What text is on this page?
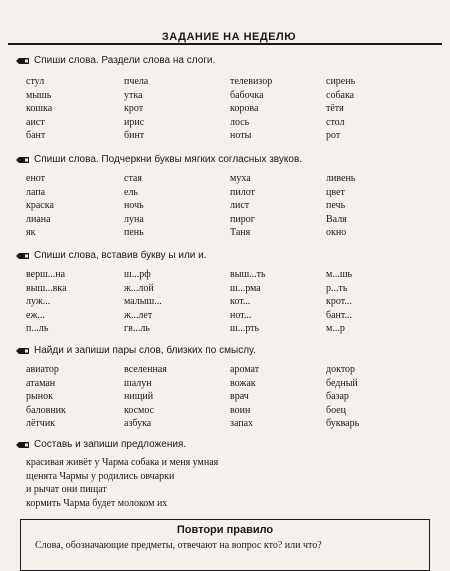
ЗАДАНИЕ НА НЕДЕЛЮ
Спиши слова. Раздели слова на слоги.
стул	пчела	телевизор	сирень
мышь	утка	бабочка	собака
кошка	крот	корова	тётя
аист	ирис	лось	стол
бант	бинт	ноты	рот
Спиши слова. Подчеркни буквы мягких согласных звуков.
енот	стая	муха	ливень
лапа	ель	пилот	цвет
краска	ночь	лист	печь
лиана	луна	пирог	Валя
як	пень	Таня	окно
Спиши слова, вставив букву ы или и.
верш...на	ш...рф	выш...ть	м...шь
выш...вка	ж...лой	ш...рма	р...ть
луж...	малыш...	кот...	крот...
еж...	ж...лет	нот...	бант...
п...ль	гв...ль	ш...рть	м...р
Найди и запиши пары слов, близких по смыслу.
авиатор	вселенная	аромат	доктор
атаман	шалун	вожак	бедный
рынок	нищий	врач	базар
баловник	космос	воин	боец
лётчик	азбука	запах	букварь
Составь и запиши предложения.
красивая живёт у Чарма собака и меня умная
щенята Чармы у родились овчарки
и рычат они пищат
кормить Чарма будет молоком их
Повтори правило
Слова, обозначающие предметы, отвечают на вопрос кто? или что?
